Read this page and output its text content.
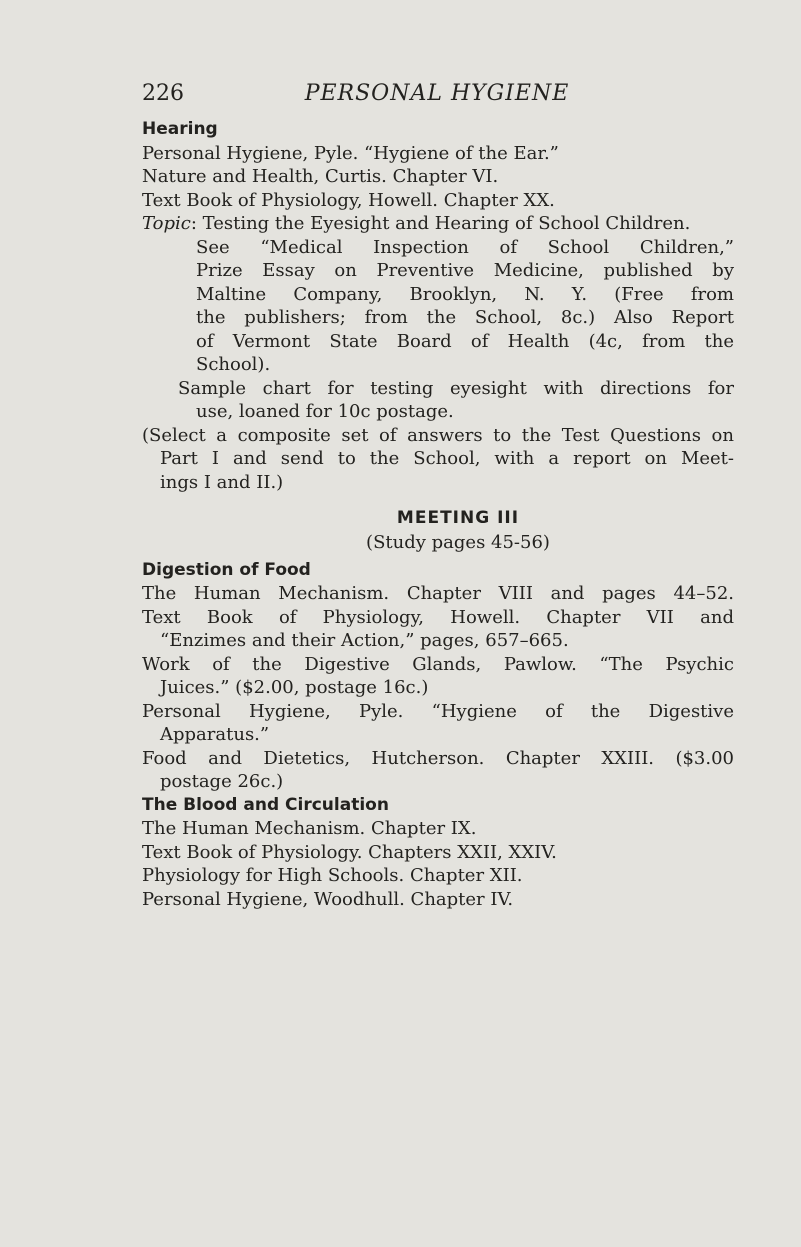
226	PERSONAL HYGIENE
Hearing
Personal Hygiene, Pyle. “Hygiene of the Ear.”
Nature and Health, Curtis. Chapter VI.
Text Book of Physiology, Howell. Chapter XX.
Topic: Testing the Eyesight and Hearing of School Children.
See “Medical Inspection of School Children,”
Prize Essay on Preventive Medicine, published by
Maltine Company, Brooklyn, N. Y. (Free from
the publishers; from the School, 8c.) Also Report
of Vermont State Board of Health (4c, from the
School).
Sample chart for testing eyesight with directions for
use, loaned for 10c postage.
(Select a composite set of answers to the Test Questions on
Part I and send to the School, with a report on Meet-
ings I and II.)
MEETING III
(Study pages 45-56)
Digestion of Food
The Human Mechanism. Chapter VIII and pages 44–52.
Text Book of Physiology, Howell. Chapter VII and
“Enzimes and their Action,” pages, 657–665.
Work of the Digestive Glands, Pawlow. “The Psychic
Juices.” ($2.00, postage 16c.)
Personal Hygiene, Pyle. “Hygiene of the Digestive
Apparatus.”
Food and Dietetics, Hutcherson. Chapter XXIII. ($3.00
postage 26c.)
The Blood and Circulation
The Human Mechanism. Chapter IX.
Text Book of Physiology. Chapters XXII, XXIV.
Physiology for High Schools. Chapter XII.
Personal Hygiene, Woodhull. Chapter IV.
